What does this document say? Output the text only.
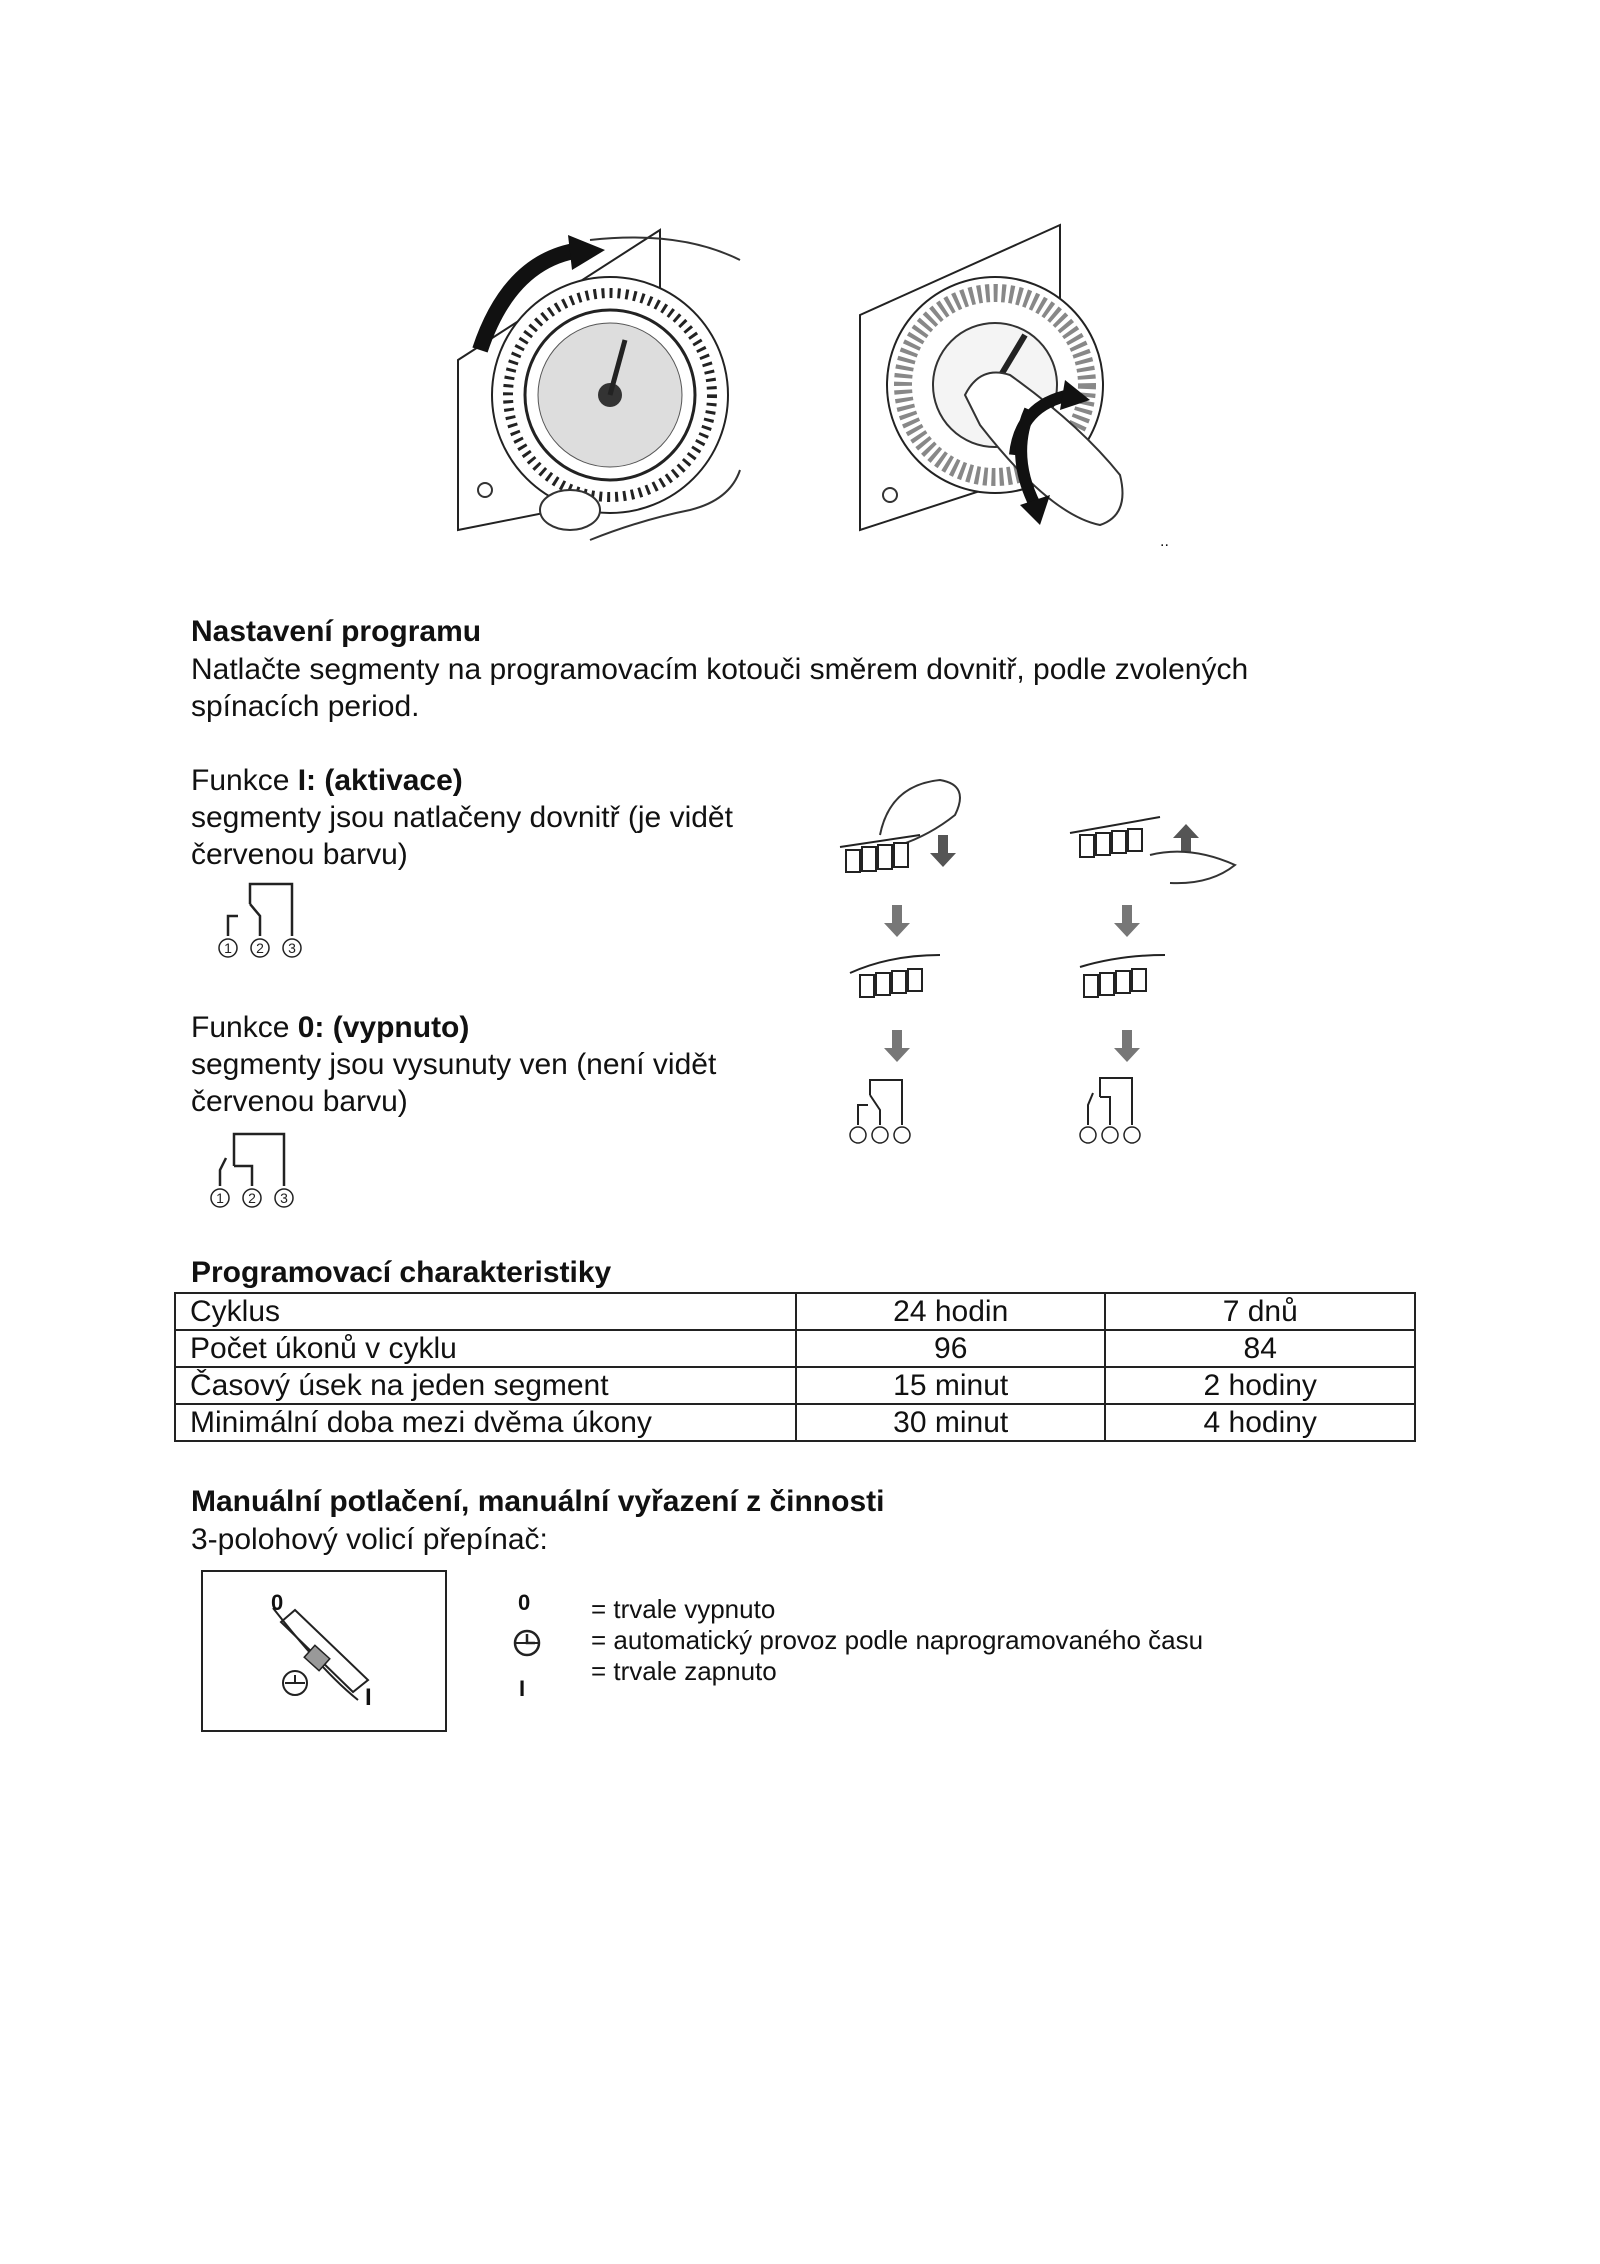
..
Nastavení programu
Natlačte segmenty na programovacím kotouči směrem dovnitř, podle zvolených
spínacích period.
Funkce I: (aktivace)
segmenty jsou natlačeny dovnitř (je vidět
červenou barvu)
1 2 3
Funkce 0: (vypnuto)
segmenty jsou vysunuty ven (není vidět
červenou barvu)
1 2 3
Programovací charakteristiky
Cyklus	24 hodin	7 dnů
Počet úkonů v cyklu	96	84
Časový úsek na jeden segment	15 minut	2 hodiny
Minimální doba mezi dvěma úkony	30 minut	4 hodiny
Manuální potlačení, manuální vyřazení z činnosti
3-polohový volicí přepínač:
0
I
0
I
= trvale vypnuto
= automatický provoz podle naprogramovaného času
= trvale zapnuto
